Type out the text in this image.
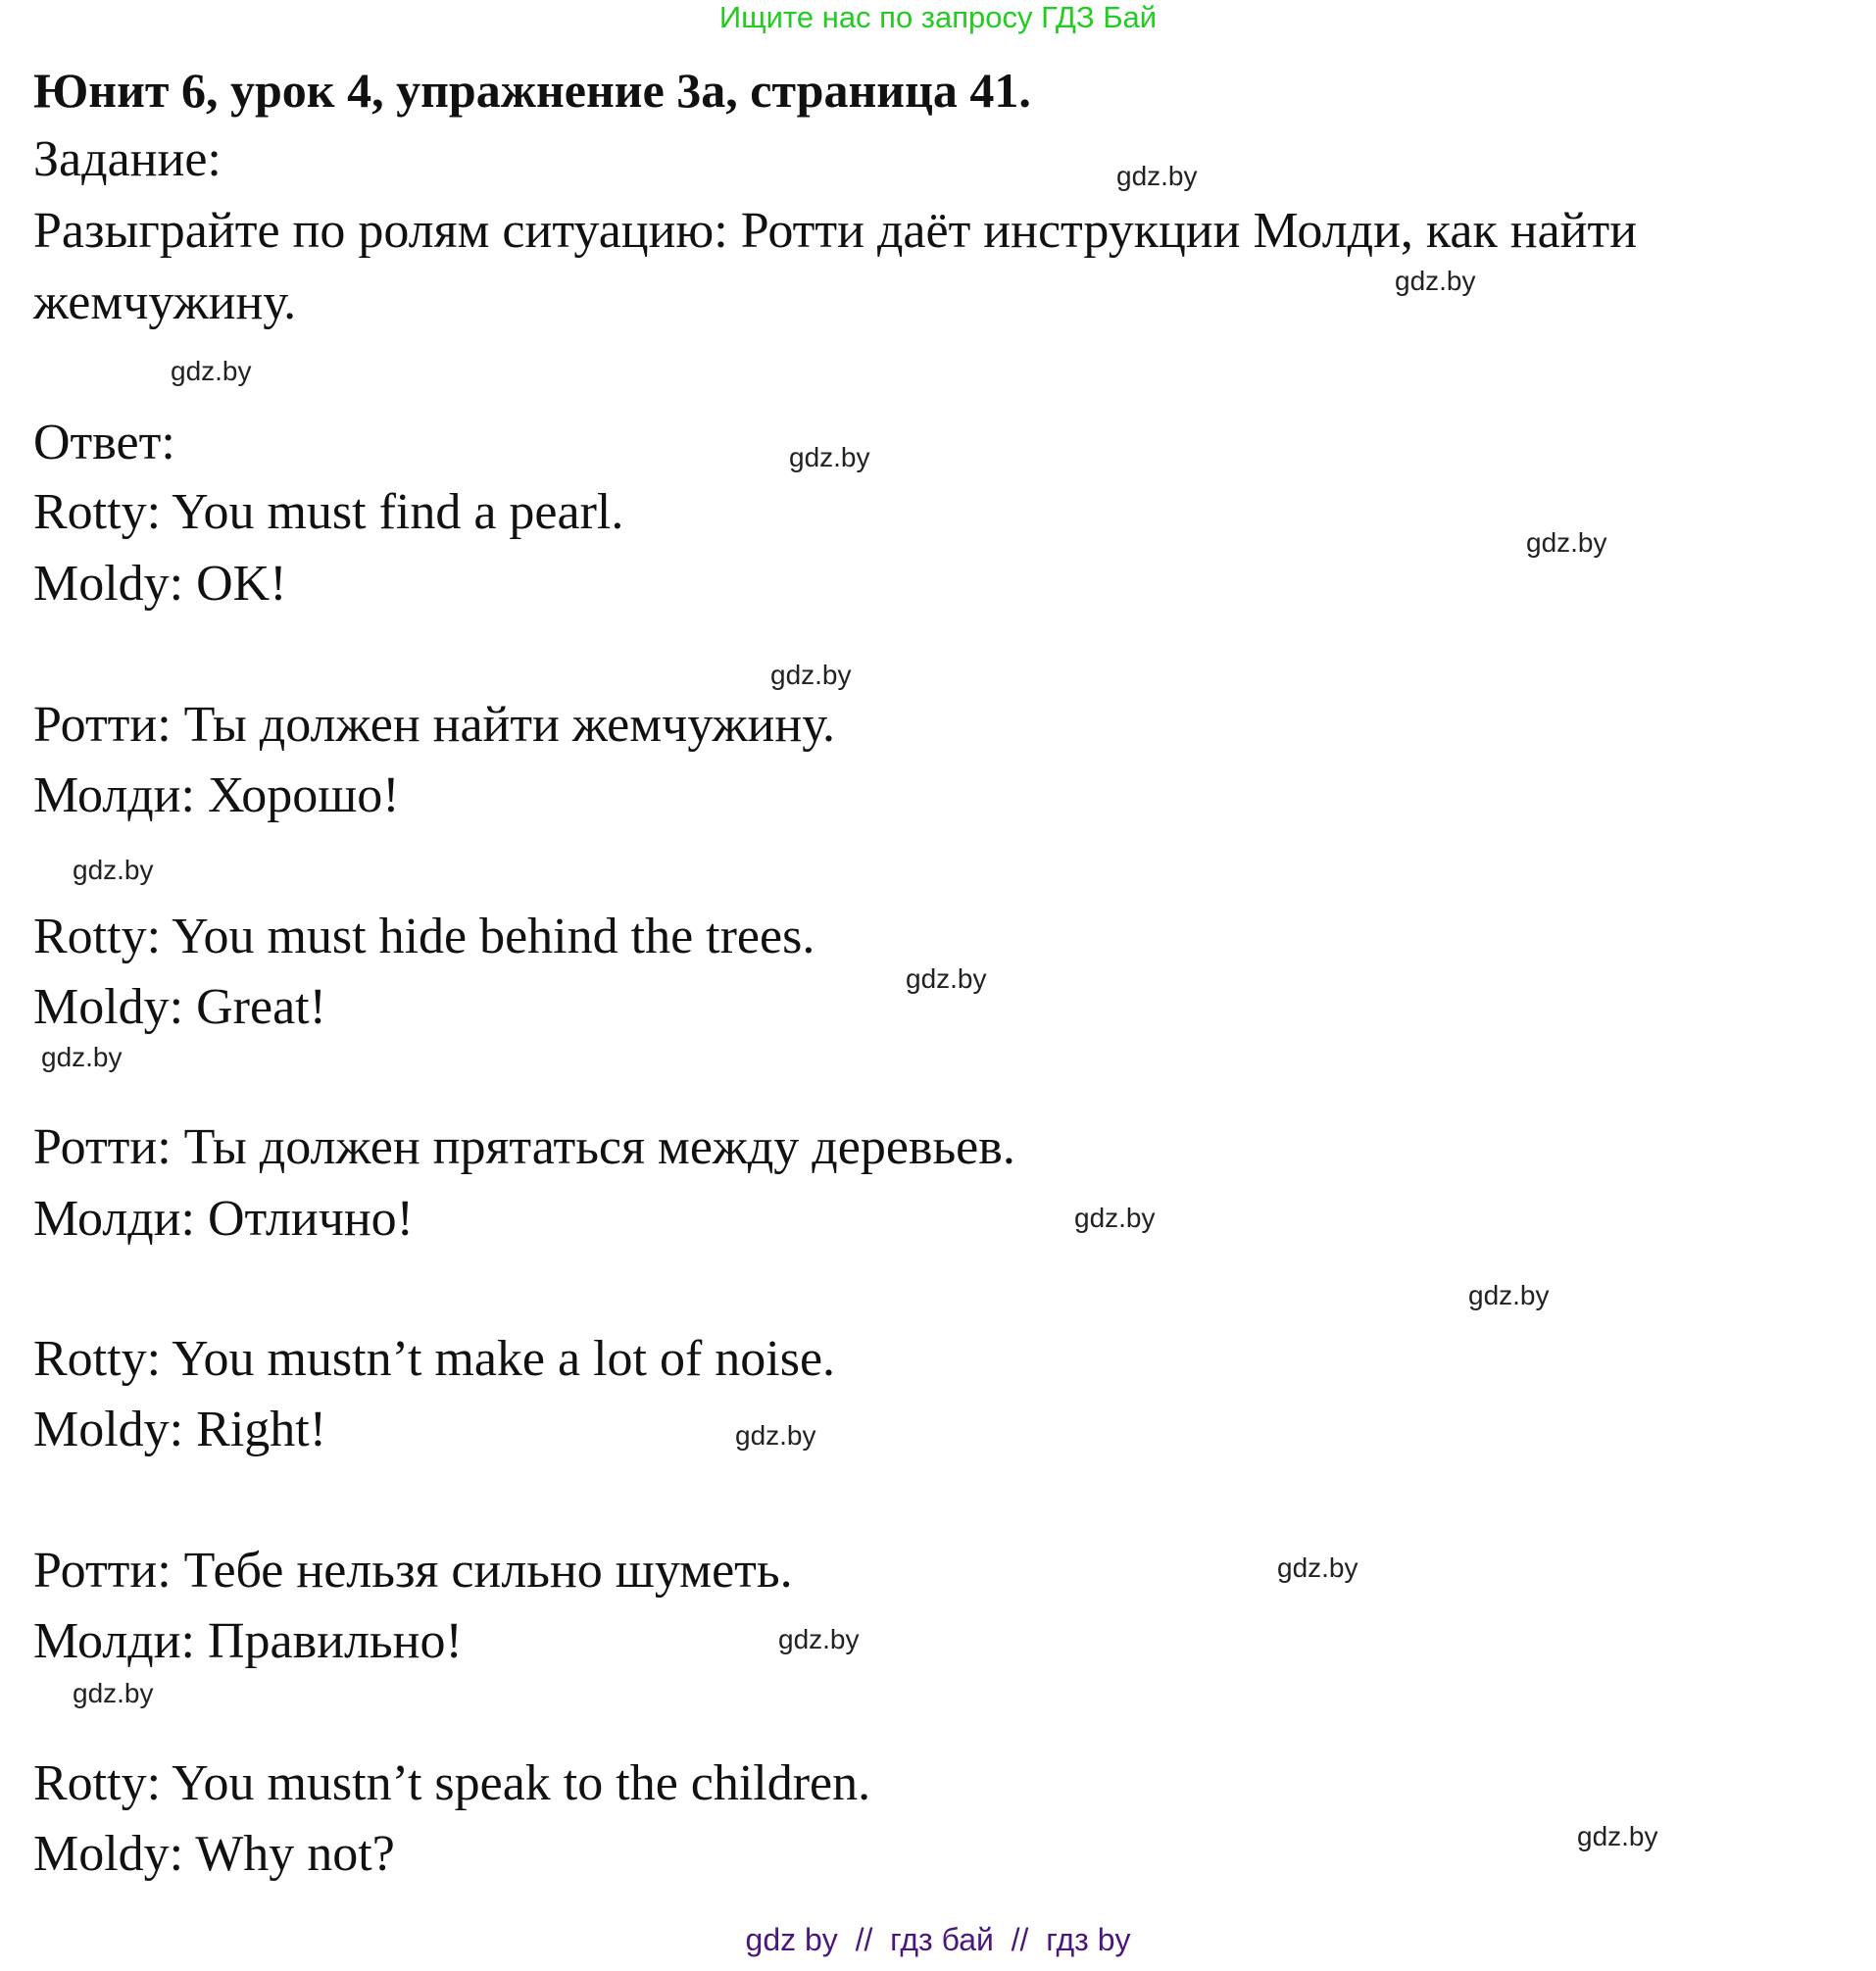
Ищите нас по запросу ГДЗ Бай
Юнит 6, урок 4, упражнение 3а, страница 41.
Задание:
Разыграйте по ролям ситуацию: Ротти даёт инструкции Молди, как найти
жемчужину.
Ответ:
Rotty: You must find a pearl.
Moldy: OK!
Ротти: Ты должен найти жемчужину.
Молди: Хорошо!
Rotty: You must hide behind the trees.
Moldy: Great!
Ротти: Ты должен прятаться между деревьев.
Молди: Отлично!
Rotty: You mustn’t make a lot of noise.
Moldy: Right!
Ротти: Тебе нельзя сильно шуметь.
Молди: Правильно!
Rotty: You mustn’t speak to the children.
Moldy: Why not?
gdz.by
gdz.by
gdz.by
gdz.by
gdz.by
gdz.by
gdz.by
gdz.by
gdz.by
gdz.by
gdz.by
gdz.by
gdz.by
gdz.by
gdz.by
gdz.by
gdz by  //  гдз бай  //  гдз by
